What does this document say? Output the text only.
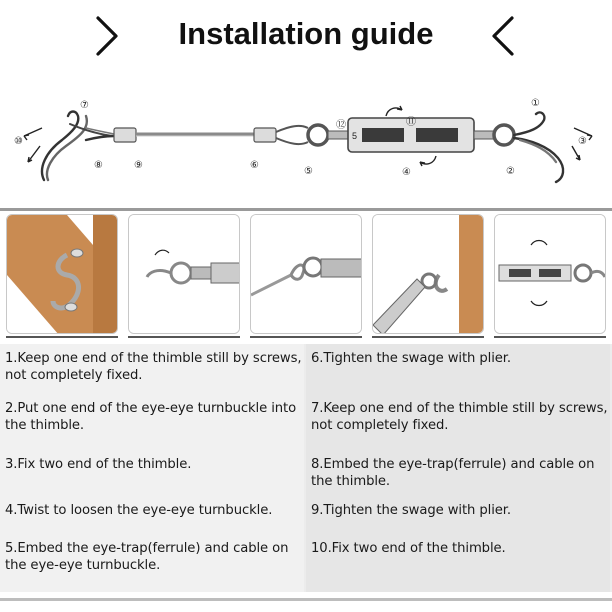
Installation guide
5
①
②
③
④
⑤
⑥
⑦
⑧	⑨
⑩
⑪
⑫
1.Keep one end of the thimble still by screws, not completely fixed.
2.Put one end of the eye-eye turnbuckle into the thimble.
3.Fix two end of the thimble.
4.Twist to loosen the eye-eye turnbuckle.
5.Embed the eye-trap(ferrule) and cable on the eye-eye turnbuckle.
6.Tighten the swage with plier.
7.Keep one end of the thimble still by screws, not completely fixed.
8.Embed the eye-trap(ferrule) and cable on the thimble.
9.Tighten the swage with plier.
10.Fix two end of the thimble.
